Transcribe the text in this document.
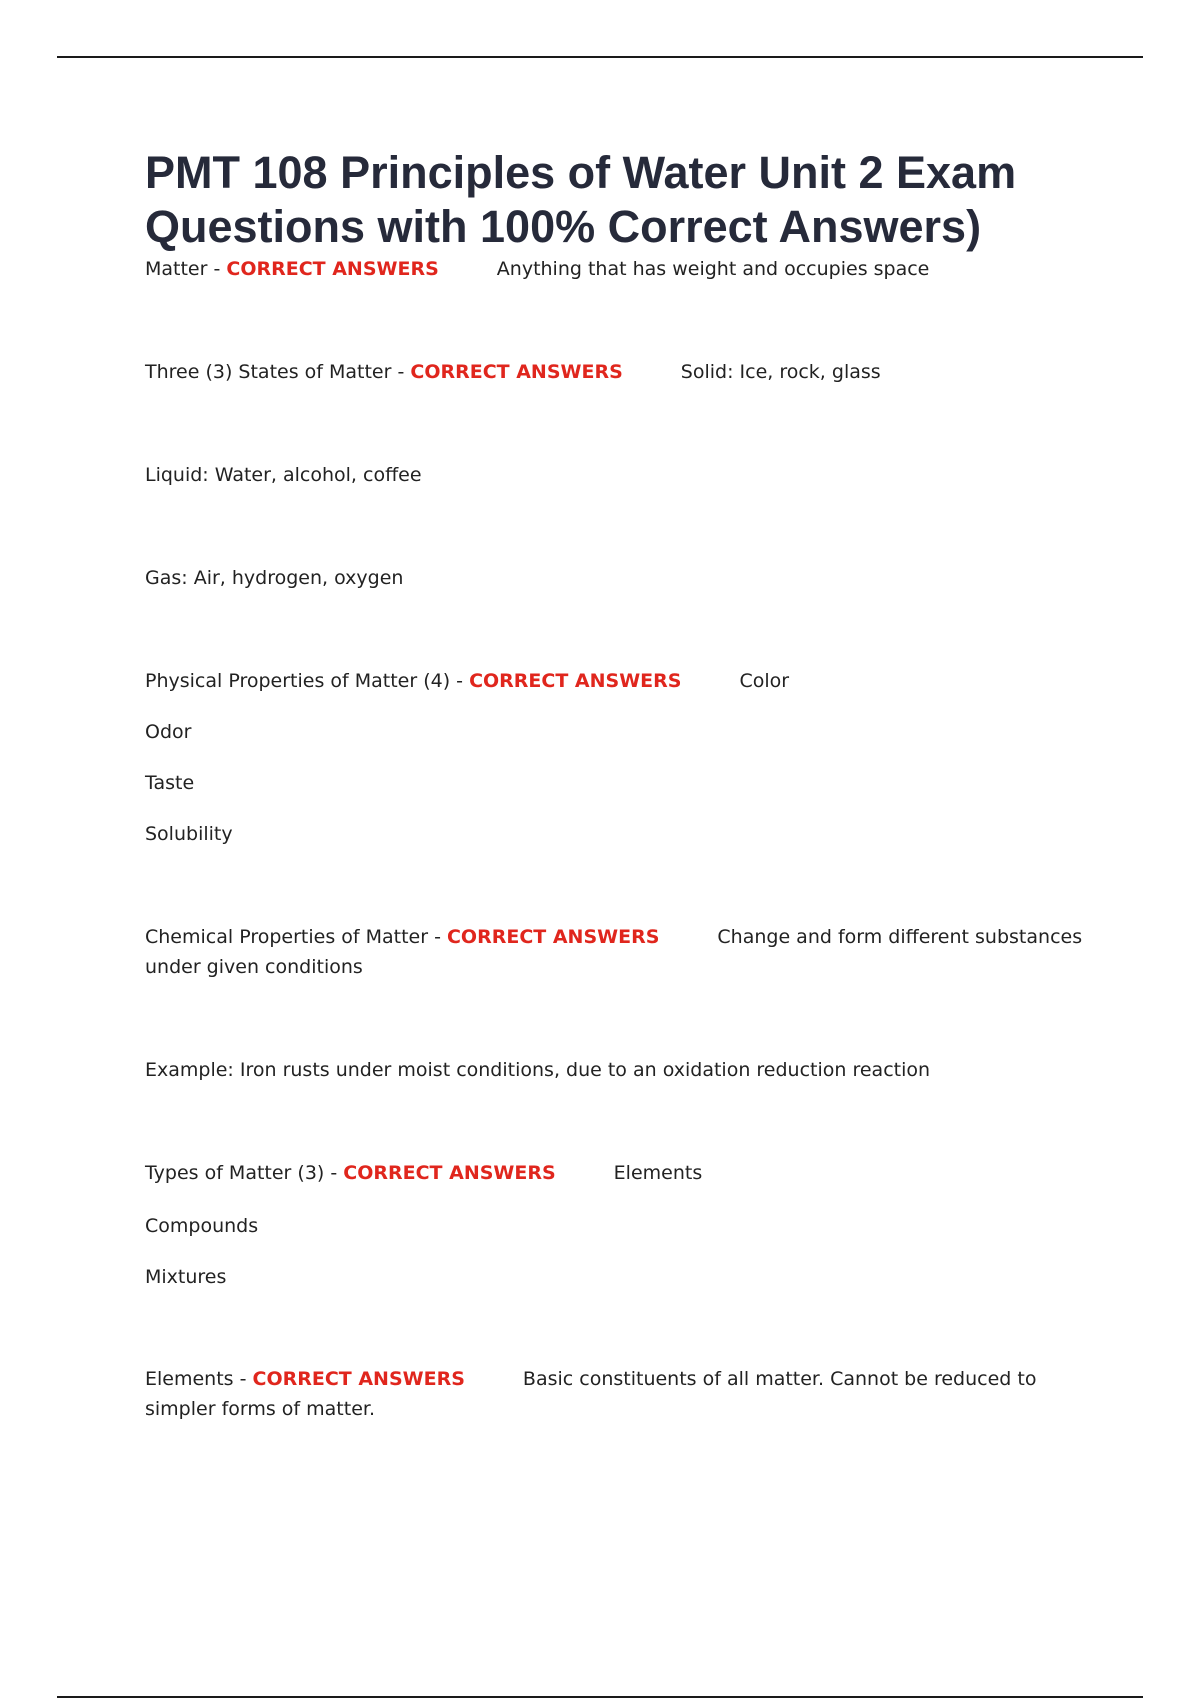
PMT 108 Principles of Water Unit 2 Exam Questions with 100% Correct Answers)

Matter - CORRECT ANSWERS	Anything that has weight and occupies space

Three (3) States of Matter - CORRECT ANSWERS	Solid: Ice, rock, glass

Liquid: Water, alcohol, coffee

Gas: Air, hydrogen, oxygen

Physical Properties of Matter (4) - CORRECT ANSWERS	Color

Odor

Taste

Solubility

Chemical Properties of Matter - CORRECT ANSWERS	Change and form different substances under given conditions

Example: Iron rusts under moist conditions, due to an oxidation reduction reaction

Types of Matter (3) - CORRECT ANSWERS	Elements

Compounds

Mixtures

Elements - CORRECT ANSWERS	Basic constituents of all matter. Cannot be reduced to simpler forms of matter.
